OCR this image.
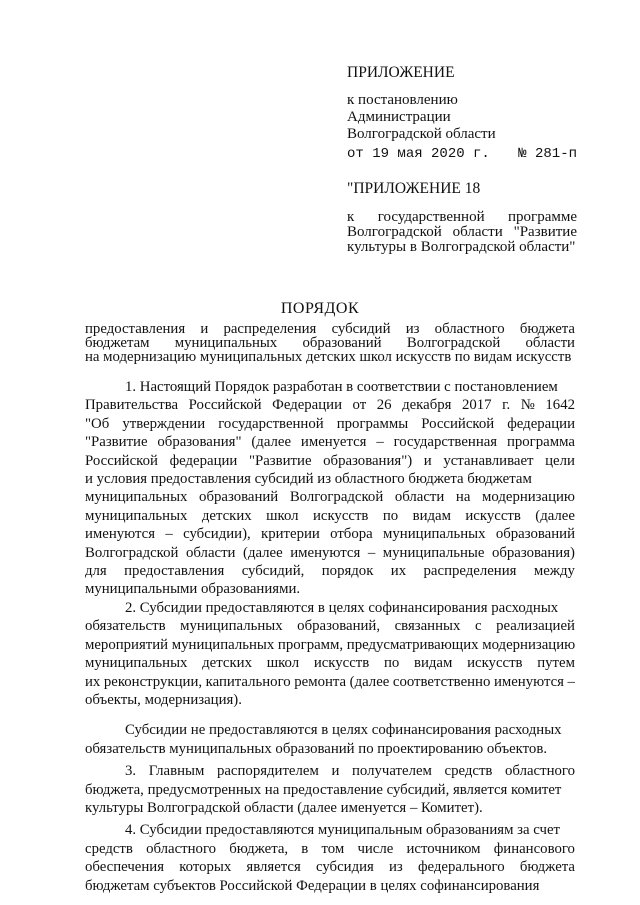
ПРИЛОЖЕНИЕ
к постановлению
Администрации
Волгоградской области
от 19 мая 2020 г. № 281-п
"ПРИЛОЖЕНИЕ 18
к государственной программе
Волгоградской области "Развитие
культуры в Волгоградской области"
ПОРЯДОК
предоставления и распределения субсидий из областного бюджета
бюджетам муниципальных образований Волгоградской области
на модернизацию муниципальных детских школ искусств по видам искусств
1. Настоящий Порядок разработан в соответствии с постановлением
Правительства Российской Федерации от 26 декабря 2017 г. № 1642
"Об утверждении государственной программы Российской федерации
"Развитие образования" (далее именуется – государственная программа
Российской федерации "Развитие образования") и устанавливает цели
и условия предоставления субсидий из областного бюджета бюджетам
муниципальных образований Волгоградской области на модернизацию
муниципальных детских школ искусств по видам искусств (далее
именуются – субсидии), критерии отбора муниципальных образований
Волгоградской области (далее именуются – муниципальные образования)
для предоставления субсидий, порядок их распределения между
муниципальными образованиями.
2. Субсидии предоставляются в целях софинансирования расходных
обязательств муниципальных образований, связанных с реализацией
мероприятий муниципальных программ, предусматривающих модернизацию
муниципальных детских школ искусств по видам искусств путем
их реконструкции, капитального ремонта (далее соответственно именуются –
объекты, модернизация).
Субсидии не предоставляются в целях софинансирования расходных
обязательств муниципальных образований по проектированию объектов.
3. Главным распорядителем и получателем средств областного
бюджета, предусмотренных на предоставление субсидий, является комитет
культуры Волгоградской области (далее именуется – Комитет).
4. Субсидии предоставляются муниципальным образованиям за счет
средств областного бюджета, в том числе источником финансового
обеспечения которых является субсидия из федерального бюджета
бюджетам субъектов Российской Федерации в целях софинансирования
